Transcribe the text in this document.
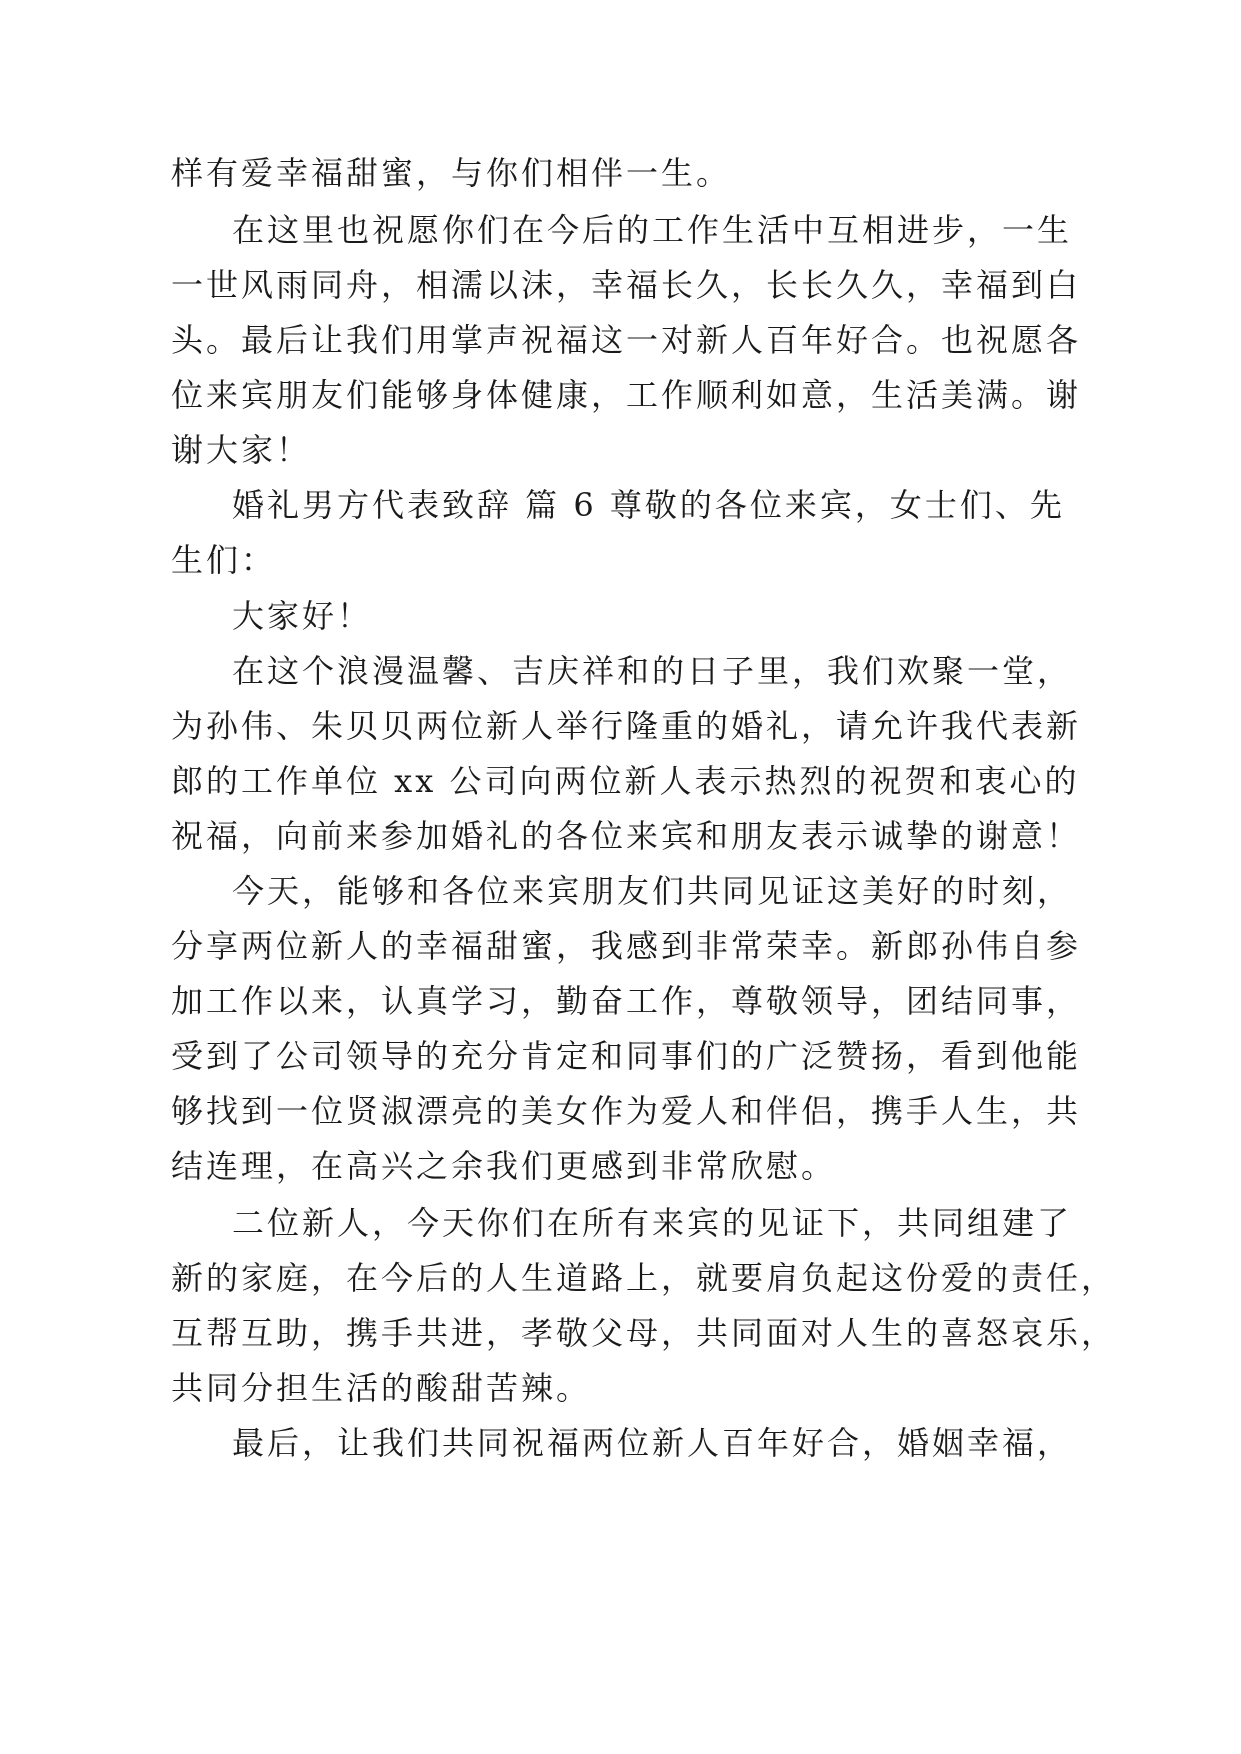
样有爱幸福甜蜜，与你们相伴一生。

在这里也祝愿你们在今后的工作生活中互相进步，一生

一世风雨同舟，相濡以沫，幸福长久，长长久久，幸福到白

头。最后让我们用掌声祝福这一对新人百年好合。也祝愿各

位来宾朋友们能够身体健康，工作顺利如意，生活美满。谢

谢大家！

婚礼男方代表致辞 篇 6 尊敬的各位来宾，女士们、先

生们：

大家好！

在这个浪漫温馨、吉庆祥和的日子里，我们欢聚一堂，

为孙伟、朱贝贝两位新人举行隆重的婚礼，请允许我代表新

郎的工作单位 xx 公司向两位新人表示热烈的祝贺和衷心的

祝福，向前来参加婚礼的各位来宾和朋友表示诚挚的谢意！

今天，能够和各位来宾朋友们共同见证这美好的时刻，

分享两位新人的幸福甜蜜，我感到非常荣幸。新郎孙伟自参

加工作以来，认真学习，勤奋工作，尊敬领导，团结同事，

受到了公司领导的充分肯定和同事们的广泛赞扬，看到他能

够找到一位贤淑漂亮的美女作为爱人和伴侣，携手人生，共

结连理，在高兴之余我们更感到非常欣慰。

二位新人，今天你们在所有来宾的见证下，共同组建了

新的家庭，在今后的人生道路上，就要肩负起这份爱的责任，

互帮互助，携手共进，孝敬父母，共同面对人生的喜怒哀乐，

共同分担生活的酸甜苦辣。

最后，让我们共同祝福两位新人百年好合，婚姻幸福，
